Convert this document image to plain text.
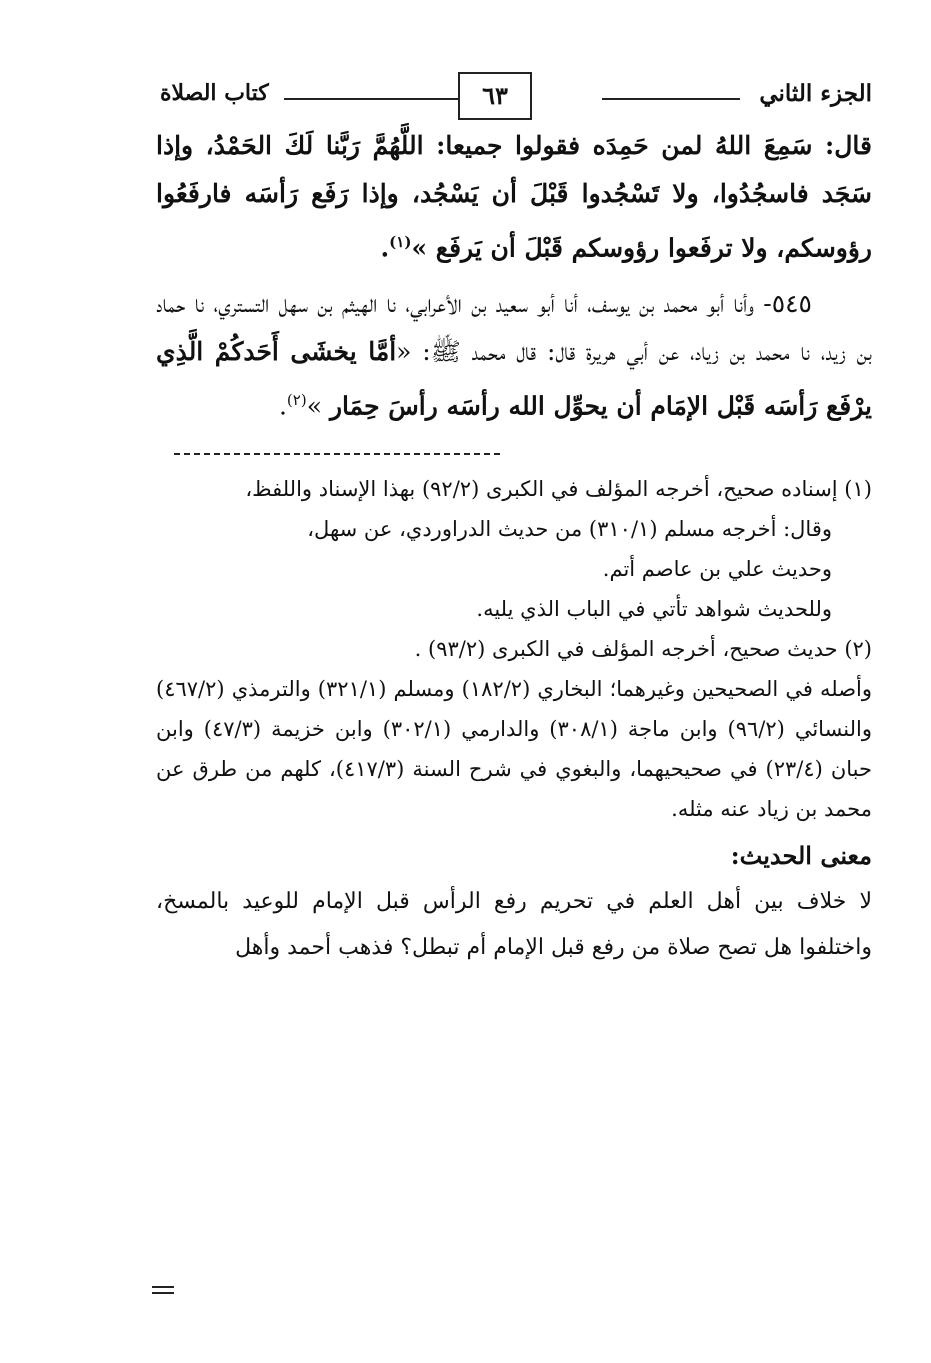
الجزء الثاني
٦٣
كتاب الصلاة

قال: سَمِعَ اللهُ لمن حَمِدَه فقولوا جميعا: اللَّهُمَّ رَبَّنا لَكَ الحَمْدُ، وإذا سَجَد فاسجُدُوا، ولا تَسْجُدوا قَبْلَ أن يَسْجُد، وإذا رَفَع رَأسَه فارفَعُوا رؤوسكم، ولا ترفَعوا رؤوسكم قَبْلَ أن يَرفَع »$^{(١)}$.

٥٤٥- وأنا أبو محمد بن يوسف، أنا أبو سعيد بن الأعرابي، نا الهيثم بن سهل التستري، نا حماد بن زيد، نا محمد بن زياد، عن أبي هريرة قال: قال محمد ﷺ: «أمَّا يخشَى أَحَدكُمْ الَّذِي يرْفَع رَأسَه قَبْل الإمَام أن يحوِّل الله رأسَه رأسَ حِمَار »$^{(٢)}$.

(١) إسناده صحيح، أخرجه المؤلف في الكبرى (٩٢/٢) بهذا الإسناد واللفظ،

وقال: أخرجه مسلم (٣١٠/١) من حديث الدراوردي، عن سهل،

وحديث علي بن عاصم أتم.

وللحديث شواهد تأتي في الباب الذي يليه.

(٢) حديث صحيح، أخرجه المؤلف في الكبرى (٩٣/٢) .

وأصله في الصحيحين وغيرهما؛ البخاري (١٨٢/٢) ومسلم (٣٢١/١) والترمذي (٤٦٧/٢) والنسائي (٩٦/٢) وابن ماجة (٣٠٨/١) والدارمي (٣٠٢/١) وابن خزيمة (٤٧/٣) وابن حبان (٢٣/٤) في صحيحيهما، والبغوي في شرح السنة (٤١٧/٣)، كلهم من طرق عن محمد بن زياد عنه مثله.

معنى الحديث:

لا خلاف بين أهل العلم في تحريم رفع الرأس قبل الإمام للوعيد بالمسخ، واختلفوا هل تصح صلاة من رفع قبل الإمام أم تبطل؟ فذهب أحمد وأهل
